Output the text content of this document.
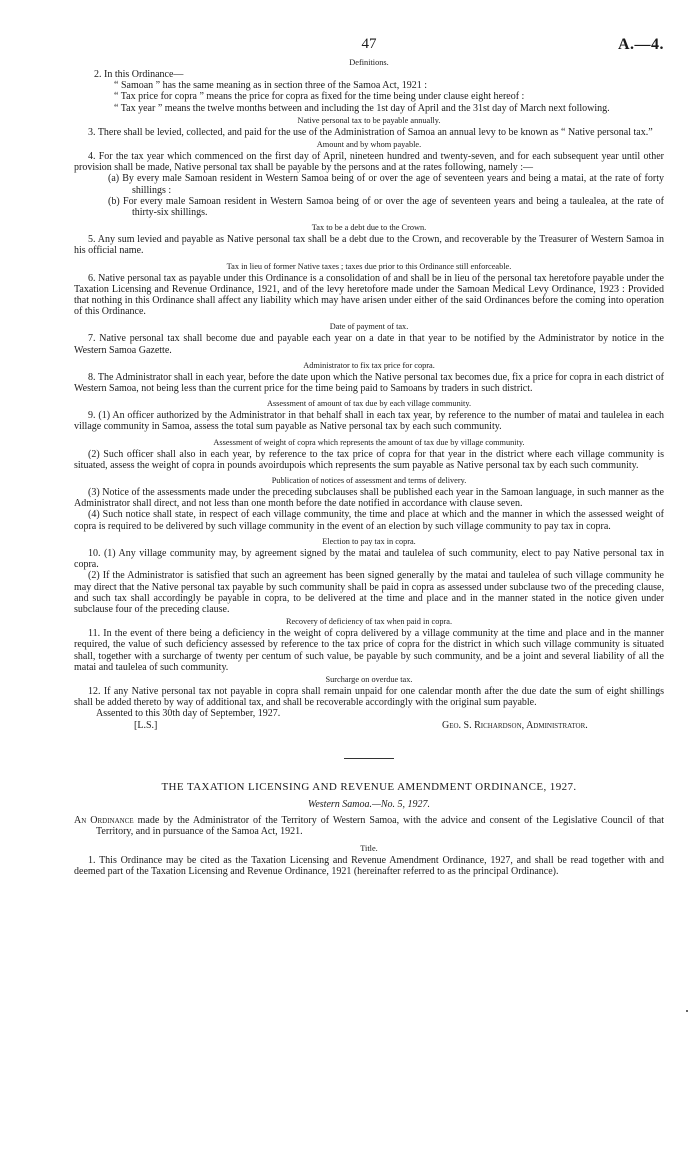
47	A.—4.
Definitions.

2. In this Ordinance—

“ Samoan ” has the same meaning as in section three of the Samoa Act, 1921 :

“ Tax price for copra ” means the price for copra as fixed for the time being under clause eight hereof :

“ Tax year ” means the twelve months between and including the 1st day of April and the 31st day of March next following.

Native personal tax to be payable annually.

3. There shall be levied, collected, and paid for the use of the Administration of Samoa an annual levy to be known as “ Native personal tax.”

Amount and by whom payable.

4. For the tax year which commenced on the first day of April, nineteen hundred and twenty-seven, and for each subsequent year until other provision shall be made, Native personal tax shall be payable by the persons and at the rates following, namely :—

(a) By every male Samoan resident in Western Samoa being of or over the age of seventeen years and being a matai, at the rate of forty shillings :

(b) For every male Samoan resident in Western Samoa being of or over the age of seventeen years and being a taulealea, at the rate of thirty-six shillings.

Tax to be a debt due to the Crown.

5. Any sum levied and payable as Native personal tax shall be a debt due to the Crown, and recoverable by the Treasurer of Western Samoa in his official name.

Tax in lieu of former Native taxes ; taxes due prior to this Ordinance still enforceable.

6. Native personal tax as payable under this Ordinance is a consolidation of and shall be in lieu of the personal tax heretofore payable under the Taxation Licensing and Revenue Ordinance, 1921, and of the levy heretofore made under the Samoan Medical Levy Ordinance, 1923 : Provided that nothing in this Ordinance shall affect any liability which may have arisen under either of the said Ordinances before the coming into operation of this Ordinance.

Date of payment of tax.

7. Native personal tax shall become due and payable each year on a date in that year to be notified by the Administrator by notice in the Western Samoa Gazette.

Administrator to fix tax price for copra.

8. The Administrator shall in each year, before the date upon which the Native personal tax becomes due, fix a price for copra in each district of Western Samoa, not being less than the current price for the time being paid to Samoans by traders in such district.

Assessment of amount of tax due by each village community.

9. (1) An officer authorized by the Administrator in that behalf shall in each tax year, by reference to the number of matai and taulelea in each village community in Samoa, assess the total sum payable as Native personal tax by each such community.

Assessment of weight of copra which represents the amount of tax due by village community.

(2) Such officer shall also in each year, by reference to the tax price of copra for that year in the district where each village community is situated, assess the weight of copra in pounds avoirdupois which represents the sum payable as Native personal tax by each such community.

Publication of notices of assessment and terms of delivery.

(3) Notice of the assessments made under the preceding subclauses shall be published each year in the Samoan language, in such manner as the Administrator shall direct, and not less than one month before the date notified in accordance with clause seven.

(4) Such notice shall state, in respect of each village community, the time and place at which and the manner in which the assessed weight of copra is required to be delivered by such village community in the event of an election by such village community to pay tax in copra.

Election to pay tax in copra.

10. (1) Any village community may, by agreement signed by the matai and taulelea of such community, elect to pay Native personal tax in copra.

(2) If the Administrator is satisfied that such an agreement has been signed generally by the matai and taulelea of such village community he may direct that the Native personal tax payable by such community shall be paid in copra as assessed under subclause two of the preceding clause, and such tax shall accordingly be payable in copra, to be delivered at the time and place and in the manner stated in the notice given under subclause four of the preceding clause.

Recovery of deficiency of tax when paid in copra.

11. In the event of there being a deficiency in the weight of copra delivered by a village community at the time and place and in the manner required, the value of such deficiency assessed by reference to the tax price of copra for the district in which such village community is situated shall, together with a surcharge of twenty per centum of such value, be payable by such community, and be a joint and several liability of all the matai and taulelea of such community.

Surcharge on overdue tax.

12. If any Native personal tax not payable in copra shall remain unpaid for one calendar month after the due date the sum of eight shillings shall be added thereto by way of additional tax, and shall be recoverable accordingly with the original sum payable.

Assented to this 30th day of September, 1927.

[L.S.]	Geo. S. Richardson, Administrator.
THE TAXATION LICENSING AND REVENUE AMENDMENT ORDINANCE, 1927.
Western Samoa.—No. 5, 1927.

An Ordinance made by the Administrator of the Territory of Western Samoa, with the advice and consent of the Legislative Council of that Territory, and in pursuance of the Samoa Act, 1921.

Title.

1. This Ordinance may be cited as the Taxation Licensing and Revenue Amendment Ordinance, 1927, and shall be read together with and deemed part of the Taxation Licensing and Revenue Ordinance, 1921 (hereinafter referred to as the principal Ordinance).
